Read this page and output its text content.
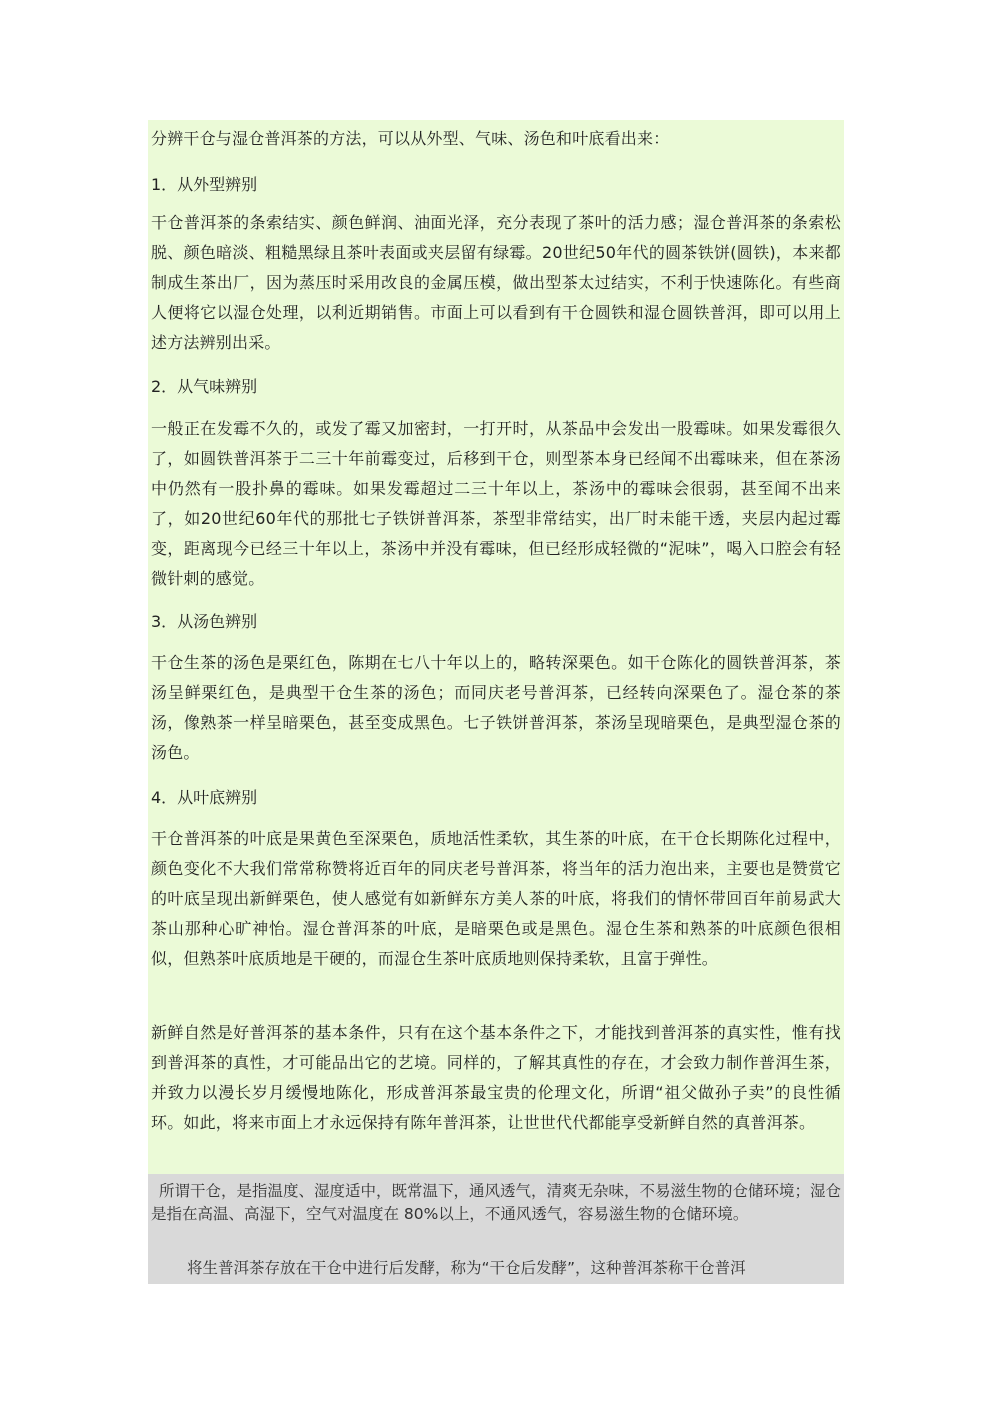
分辨干仓与湿仓普洱茶的方法，可以从外型、气味、汤色和叶底看出来：

1．从外型辨别

干仓普洱茶的条索结实、颜色鲜润、油面光泽，充分表现了茶叶的活力感；湿仓普洱茶的条索松脱、颜色暗淡、粗糙黑绿且茶叶表面或夹层留有绿霉。20世纪50年代的圆茶铁饼(圆铁)，本来都制成生茶出厂，因为蒸压时采用改良的金属压模，做出型茶太过结实，不利于快速陈化。有些商人便将它以湿仓处理，以利近期销售。市面上可以看到有干仓圆铁和湿仓圆铁普洱，即可以用上述方法辨别出采。

2．从气味辨别

一般正在发霉不久的，或发了霉又加密封，一打开时，从茶品中会发出一股霉味。如果发霉很久了，如圆铁普洱茶于二三十年前霉变过，后移到干仓，则型茶本身已经闻不出霉味来，但在茶汤中仍然有一股扑鼻的霉味。如果发霉超过二三十年以上，茶汤中的霉味会很弱，甚至闻不出来了，如20世纪60年代的那批七子铁饼普洱茶，茶型非常结实，出厂时未能干透，夹层内起过霉变，距离现今已经三十年以上，茶汤中并没有霉味，但已经形成轻微的“泥味”，喝入口腔会有轻微针刺的感觉。

3．从汤色辨别

干仓生茶的汤色是栗红色，陈期在七八十年以上的，略转深栗色。如干仓陈化的圆铁普洱茶，茶汤呈鲜栗红色，是典型干仓生茶的汤色；而同庆老号普洱茶，已经转向深栗色了。湿仓茶的茶汤，像熟茶一样呈暗栗色，甚至变成黑色。七子铁饼普洱茶，茶汤呈现暗栗色，是典型湿仓茶的汤色。

4．从叶底辨别

干仓普洱茶的叶底是果黄色至深栗色，质地活性柔软，其生茶的叶底，在干仓长期陈化过程中，颜色变化不大我们常常称赞将近百年的同庆老号普洱茶，将当年的活力泡出来，主要也是赞赏它的叶底呈现出新鲜栗色，使人感觉有如新鲜东方美人茶的叶底，将我们的情怀带回百年前易武大茶山那种心旷神怡。湿仓普洱茶的叶底，是暗栗色或是黑色。湿仓生茶和熟茶的叶底颜色很相似，但熟茶叶底质地是干硬的，而湿仓生茶叶底质地则保持柔软，且富于弹性。

新鲜自然是好普洱茶的基本条件，只有在这个基本条件之下，才能找到普洱茶的真实性，惟有找到普洱茶的真性，才可能品出它的艺境。同样的，了解其真性的存在，才会致力制作普洱生茶，并致力以漫长岁月缓慢地陈化，形成普洱茶最宝贵的伦理文化，所谓“祖父做孙子卖”的良性循环。如此，将来市面上才永远保持有陈年普洱茶，让世世代代都能享受新鲜自然的真普洱茶。

所谓干仓，是指温度、湿度适中，既常温下，通风透气，清爽无杂味，不易滋生物的仓储环境；湿仓是指在高温、高湿下，空气对温度在 80%以上，不通风透气，容易滋生物的仓储环境。

将生普洱茶存放在干仓中进行后发酵，称为“干仓后发酵”，这种普洱茶称干仓普洱
